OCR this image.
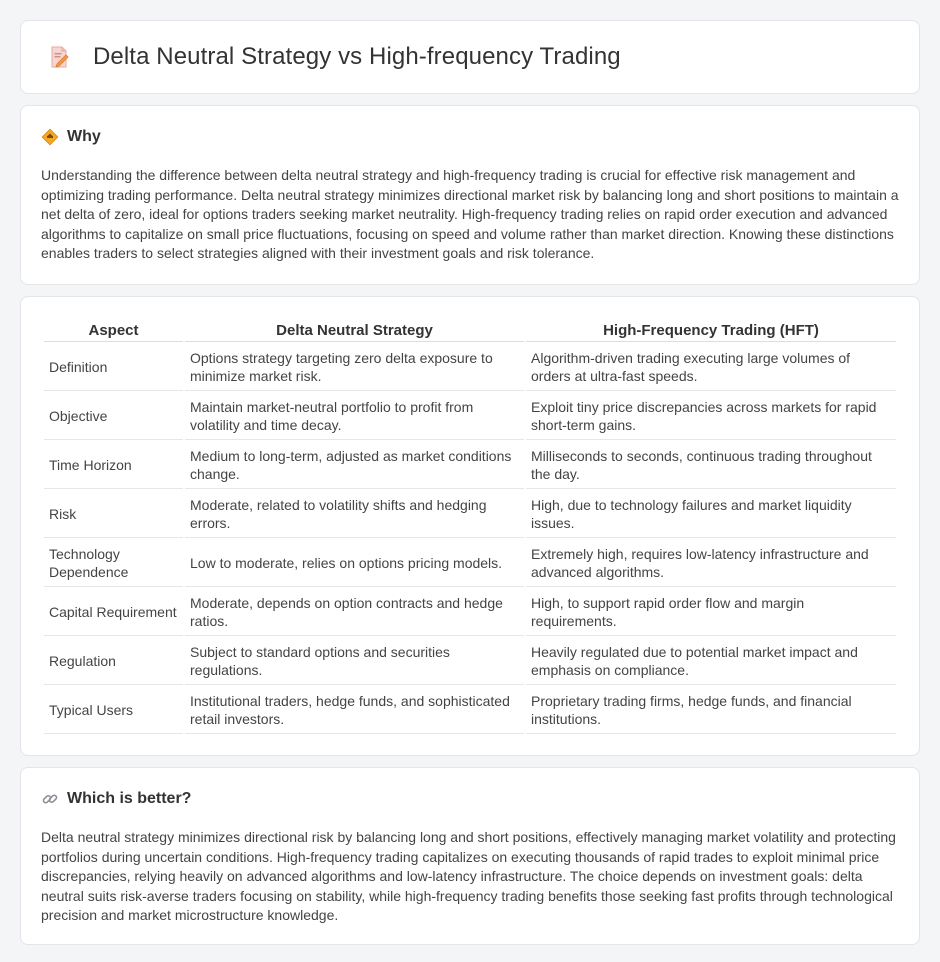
Delta Neutral Strategy vs High-frequency Trading
Why

Understanding the difference between delta neutral strategy and high-frequency trading is crucial for effective risk management and optimizing trading performance. Delta neutral strategy minimizes directional market risk by balancing long and short positions to maintain a net delta of zero, ideal for options traders seeking market neutrality. High-frequency trading relies on rapid order execution and advanced algorithms to capitalize on small price fluctuations, focusing on speed and volume rather than market direction. Knowing these distinctions enables traders to select strategies aligned with their investment goals and risk tolerance.

Aspect	Delta Neutral Strategy	High-Frequency Trading (HFT)
Definition	Options strategy targeting zero delta exposure to minimize market risk.	Algorithm-driven trading executing large volumes of orders at ultra-fast speeds.
Objective	Maintain market-neutral portfolio to profit from volatility and time decay.	Exploit tiny price discrepancies across markets for rapid short-term gains.
Time Horizon	Medium to long-term, adjusted as market conditions change.	Milliseconds to seconds, continuous trading throughout the day.
Risk	Moderate, related to volatility shifts and hedging errors.	High, due to technology failures and market liquidity issues.
Technology Dependence	Low to moderate, relies on options pricing models.	Extremely high, requires low-latency infrastructure and advanced algorithms.
Capital Requirement	Moderate, depends on option contracts and hedge ratios.	High, to support rapid order flow and margin requirements.
Regulation	Subject to standard options and securities regulations.	Heavily regulated due to potential market impact and emphasis on compliance.
Typical Users	Institutional traders, hedge funds, and sophisticated retail investors.	Proprietary trading firms, hedge funds, and financial institutions.
Which is better?

Delta neutral strategy minimizes directional risk by balancing long and short positions, effectively managing market volatility and protecting portfolios during uncertain conditions. High-frequency trading capitalizes on executing thousands of rapid trades to exploit minimal price discrepancies, relying heavily on advanced algorithms and low-latency infrastructure. The choice depends on investment goals: delta neutral suits risk-averse traders focusing on stability, while high-frequency trading benefits those seeking fast profits through technological precision and market microstructure knowledge.
